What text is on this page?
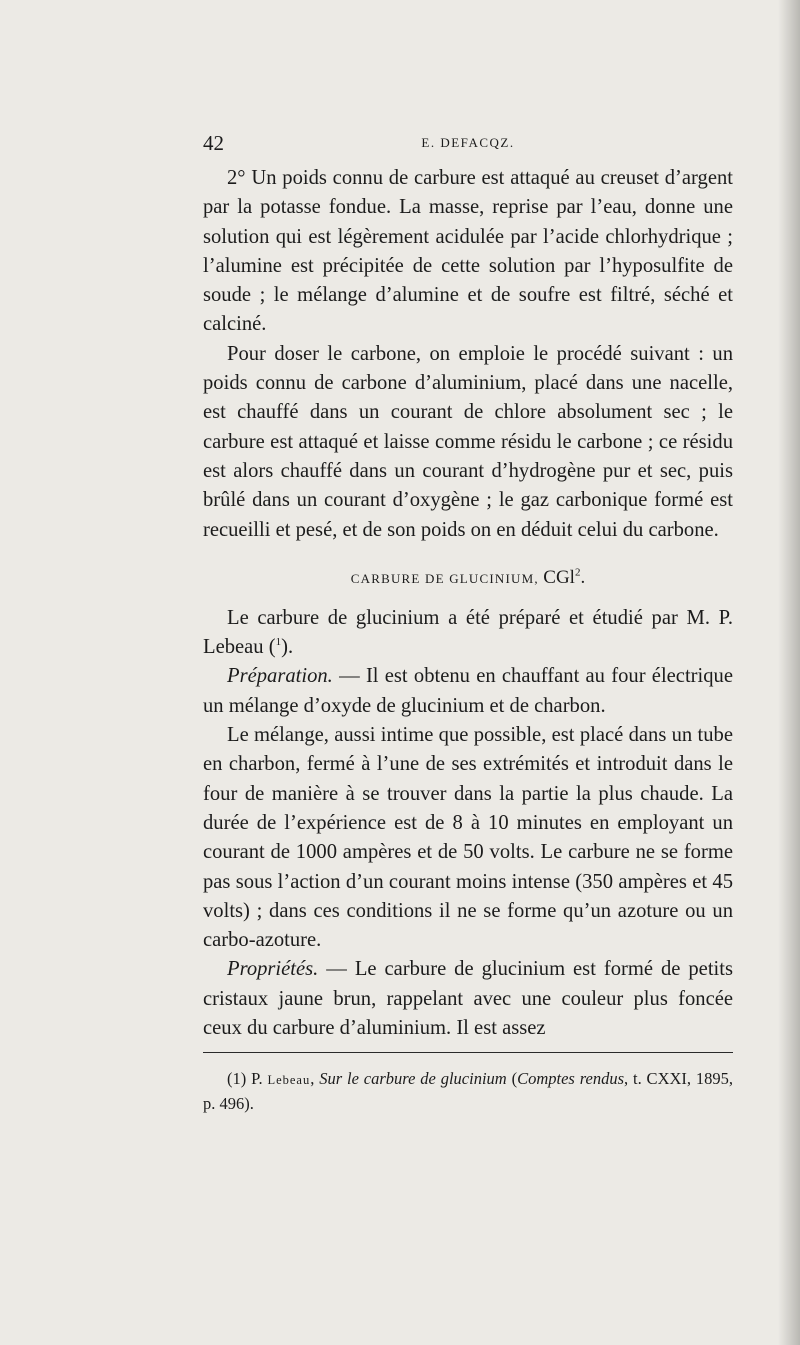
42	E. DEFACQZ.

2° Un poids connu de carbure est attaqué au creuset d’argent par la potasse fondue. La masse, reprise par l’eau, donne une solution qui est légèrement acidulée par l’acide chlorhydrique ; l’alumine est précipitée de cette solution par l’hyposulfite de soude ; le mélange d’alumine et de soufre est filtré, séché et calciné.

Pour doser le carbone, on emploie le procédé suivant : un poids connu de carbone d’aluminium, placé dans une nacelle, est chauffé dans un courant de chlore absolument sec ; le carbure est attaqué et laisse comme résidu le carbone ; ce résidu est alors chauffé dans un courant d’hydrogène pur et sec, puis brûlé dans un courant d’oxygène ; le gaz carbonique formé est recueilli et pesé, et de son poids on en déduit celui du carbone.

CARBURE DE GLUCINIUM, CGl$^2$.

Le carbure de glucinium a été préparé et étudié par M. P. Lebeau ($^1$).

Préparation. — Il est obtenu en chauffant au four électrique un mélange d’oxyde de glucinium et de charbon.

Le mélange, aussi intime que possible, est placé dans un tube en charbon, fermé à l’une de ses extrémités et introduit dans le four de manière à se trouver dans la partie la plus chaude. La durée de l’expérience est de 8 à 10 minutes en employant un courant de 1000 ampères et de 50 volts. Le carbure ne se forme pas sous l’action d’un courant moins intense (350 ampères et 45 volts) ; dans ces conditions il ne se forme qu’un azoture ou un carbo-azoture.

Propriétés. — Le carbure de glucinium est formé de petits cristaux jaune brun, rappelant avec une couleur plus foncée ceux du carbure d’aluminium. Il est assez

(1) P. Lebeau, Sur le carbure de glucinium (Comptes rendus, t. CXXI, 1895, p. 496).
